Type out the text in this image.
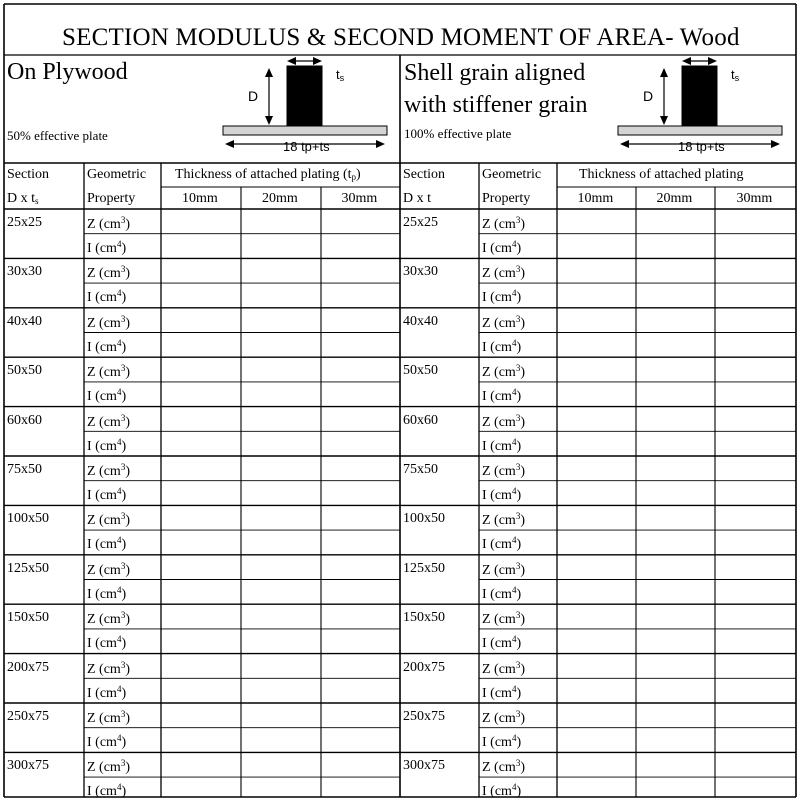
SECTION MODULUS & SECOND MOMENT OF AREA- Wood
On Plywood
50% effective plate
Shell grain aligned
with stiffener grain
100% effective plate
D
$t_s$
18 tp+ts
D
$t_s$
18 tp+ts
Section
D x $t_s$
Geometric
Property
Thickness of attached plating $(t_p)$
10mm	20mm	30mm
25x25	Z $(cm^3)$
I $(cm^4)$
30x30	Z $(cm^3)$
I $(cm^4)$
40x40	Z $(cm^3)$
I $(cm^4)$
50x50	Z $(cm^3)$
I $(cm^4)$
60x60	Z $(cm^3)$
I $(cm^4)$
75x50	Z $(cm^3)$
I $(cm^4)$
100x50	Z $(cm^3)$
I $(cm^4)$
125x50	Z $(cm^3)$
I $(cm^4)$
150x50	Z $(cm^3)$
I $(cm^4)$
200x75	Z $(cm^3)$
I $(cm^4)$
250x75	Z $(cm^3)$
I $(cm^4)$
300x75	Z $(cm^3)$
I $(cm^4)$
Section
D x t
Geometric
Property
Thickness of attached plating
10mm	20mm	30mm
25x25	Z $(cm^3)$
I $(cm^4)$
30x30	Z $(cm^3)$
I $(cm^4)$
40x40	Z $(cm^3)$
I $(cm^4)$
50x50	Z $(cm^3)$
I $(cm^4)$
60x60	Z $(cm^3)$
I $(cm^4)$
75x50	Z $(cm^3)$
I $(cm^4)$
100x50	Z $(cm^3)$
I $(cm^4)$
125x50	Z $(cm^3)$
I $(cm^4)$
150x50	Z $(cm^3)$
I $(cm^4)$
200x75	Z $(cm^3)$
I $(cm^4)$
250x75	Z $(cm^3)$
I $(cm^4)$
300x75	Z $(cm^3)$
I $(cm^4)$
